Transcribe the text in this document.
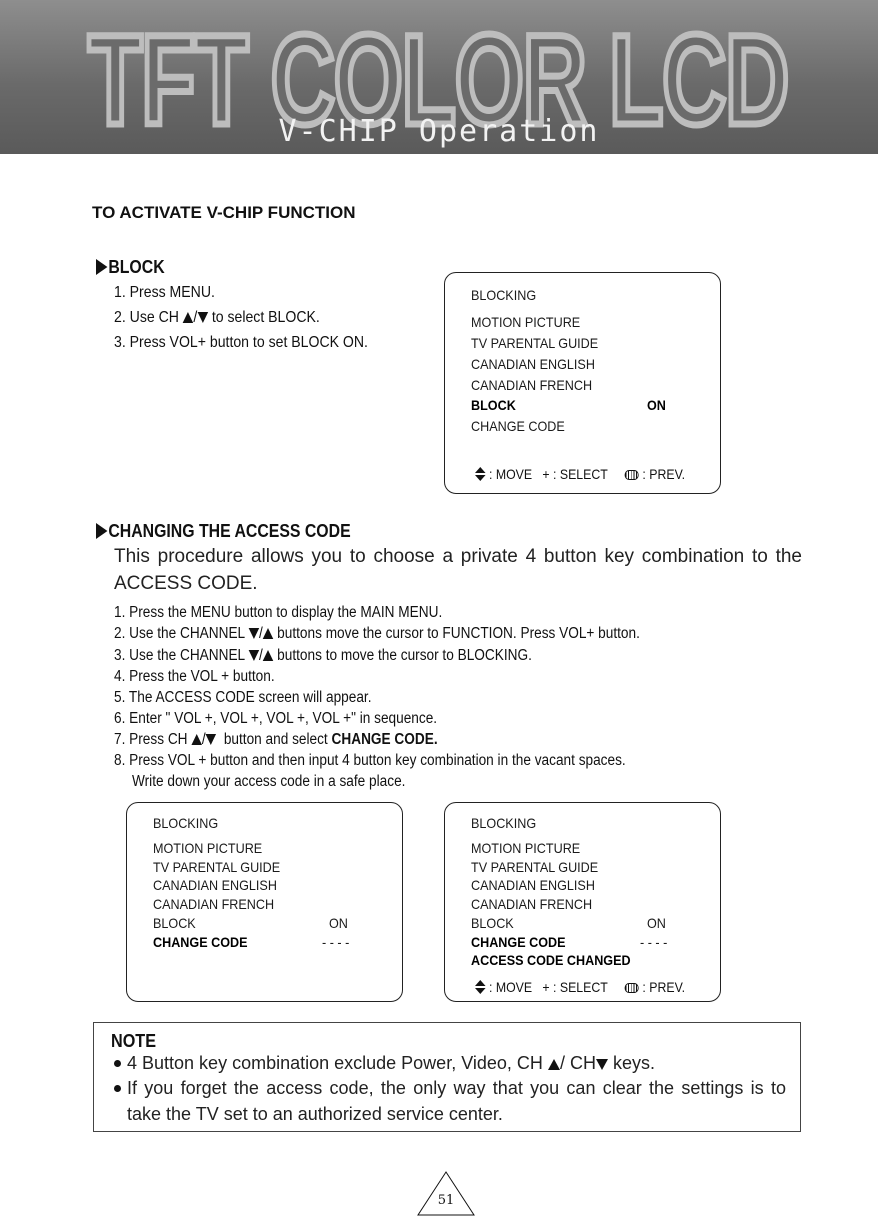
TFT COLOR LCD
V-CHIP Operation
TO ACTIVATE V-CHIP FUNCTION
BLOCK
1. Press MENU.
2. Use CH / to select BLOCK.
3. Press VOL+ button to set BLOCK ON.
BLOCKING
MOTION PICTURE
TV PARENTAL GUIDE
CANADIAN ENGLISH
CANADIAN FRENCH
BLOCK	ON
CHANGE CODE
: MOVE + : SELECT : PREV.
CHANGING THE ACCESS CODE
This procedure allows you to choose a private 4 button key combination to the ACCESS CODE.
1. Press the MENU button to display the MAIN MENU.
2. Use the CHANNEL / buttons move the cursor to FUNCTION. Press VOL+ button.
3. Use the CHANNEL / buttons to move the cursor to BLOCKING.
4. Press the VOL + button.
5. The ACCESS CODE screen will appear.
6. Enter " VOL +, VOL +, VOL +, VOL +" in sequence.
7. Press CH / button and select CHANGE CODE.
8. Press VOL + button and then input 4 button key combination in the vacant spaces.
Write down your access code in a safe place.
BLOCKING
MOTION PICTURE
TV PARENTAL GUIDE
CANADIAN ENGLISH
CANADIAN FRENCH
BLOCK	ON
CHANGE CODE	- - - -
BLOCKING
MOTION PICTURE
TV PARENTAL GUIDE
CANADIAN ENGLISH
CANADIAN FRENCH
BLOCK	ON
CHANGE CODE	- - - -
ACCESS CODE CHANGED
: MOVE + : SELECT : PREV.
NOTE
4 Button key combination exclude Power, Video, CH / CH keys.
If you forget the access code, the only way that you can clear the settings is to take the TV set to an authorized service center.
51
